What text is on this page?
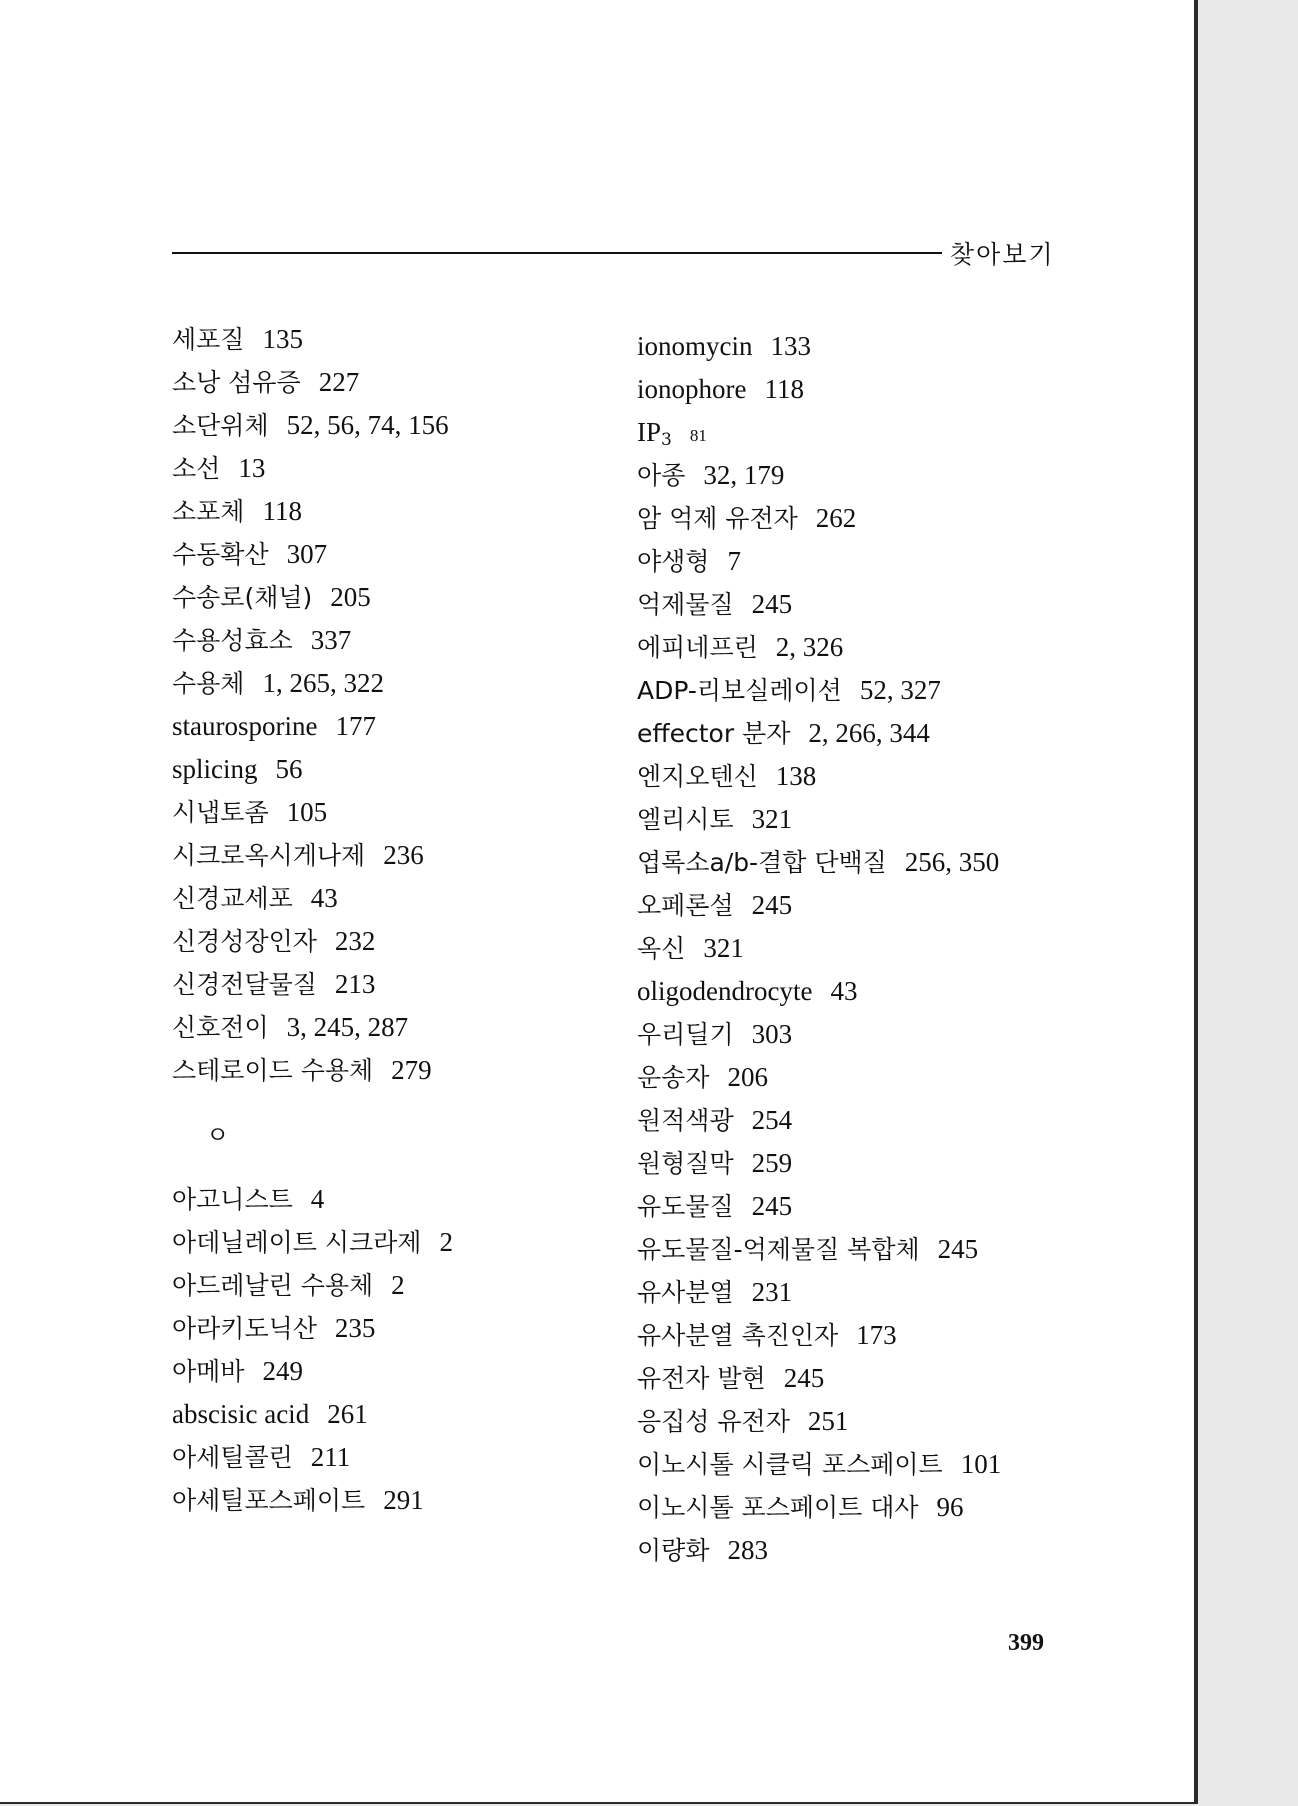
찾아보기
세포질 135
소낭 섬유증 227
소단위체 52, 56, 74, 156
소선 13
소포체 118
수동확산 307
수송로(채널) 205
수용성효소 337
수용체 1, 265, 322
staurosporine 177
splicing 56
시냅토좀 105
시크로옥시게나제 236
신경교세포 43
신경성장인자 232
신경전달물질 213
신호전이 3, 245, 287
스테로이드 수용체 279
ㅇ
아고니스트 4
아데닐레이트 시크라제 2
아드레날린 수용체 2
아라키도닉산 235
아메바 249
abscisic acid 261
아세틸콜린 211
아세틸포스페이트 291
ionomycin 133
ionophore 118
IP3 81
아종 32, 179
암 억제 유전자 262
야생형 7
억제물질 245
에피네프린 2, 326
ADP-리보실레이션 52, 327
effector 분자 2, 266, 344
엔지오텐신 138
엘리시토 321
엽록소a/b-결합 단백질 256, 350
오페론설 245
옥신 321
oligodendrocyte 43
우리딜기 303
운송자 206
원적색광 254
원형질막 259
유도물질 245
유도물질-억제물질 복합체 245
유사분열 231
유사분열 촉진인자 173
유전자 발현 245
응집성 유전자 251
이노시톨 시클릭 포스페이트 101
이노시톨 포스페이트 대사 96
이량화 283
399
